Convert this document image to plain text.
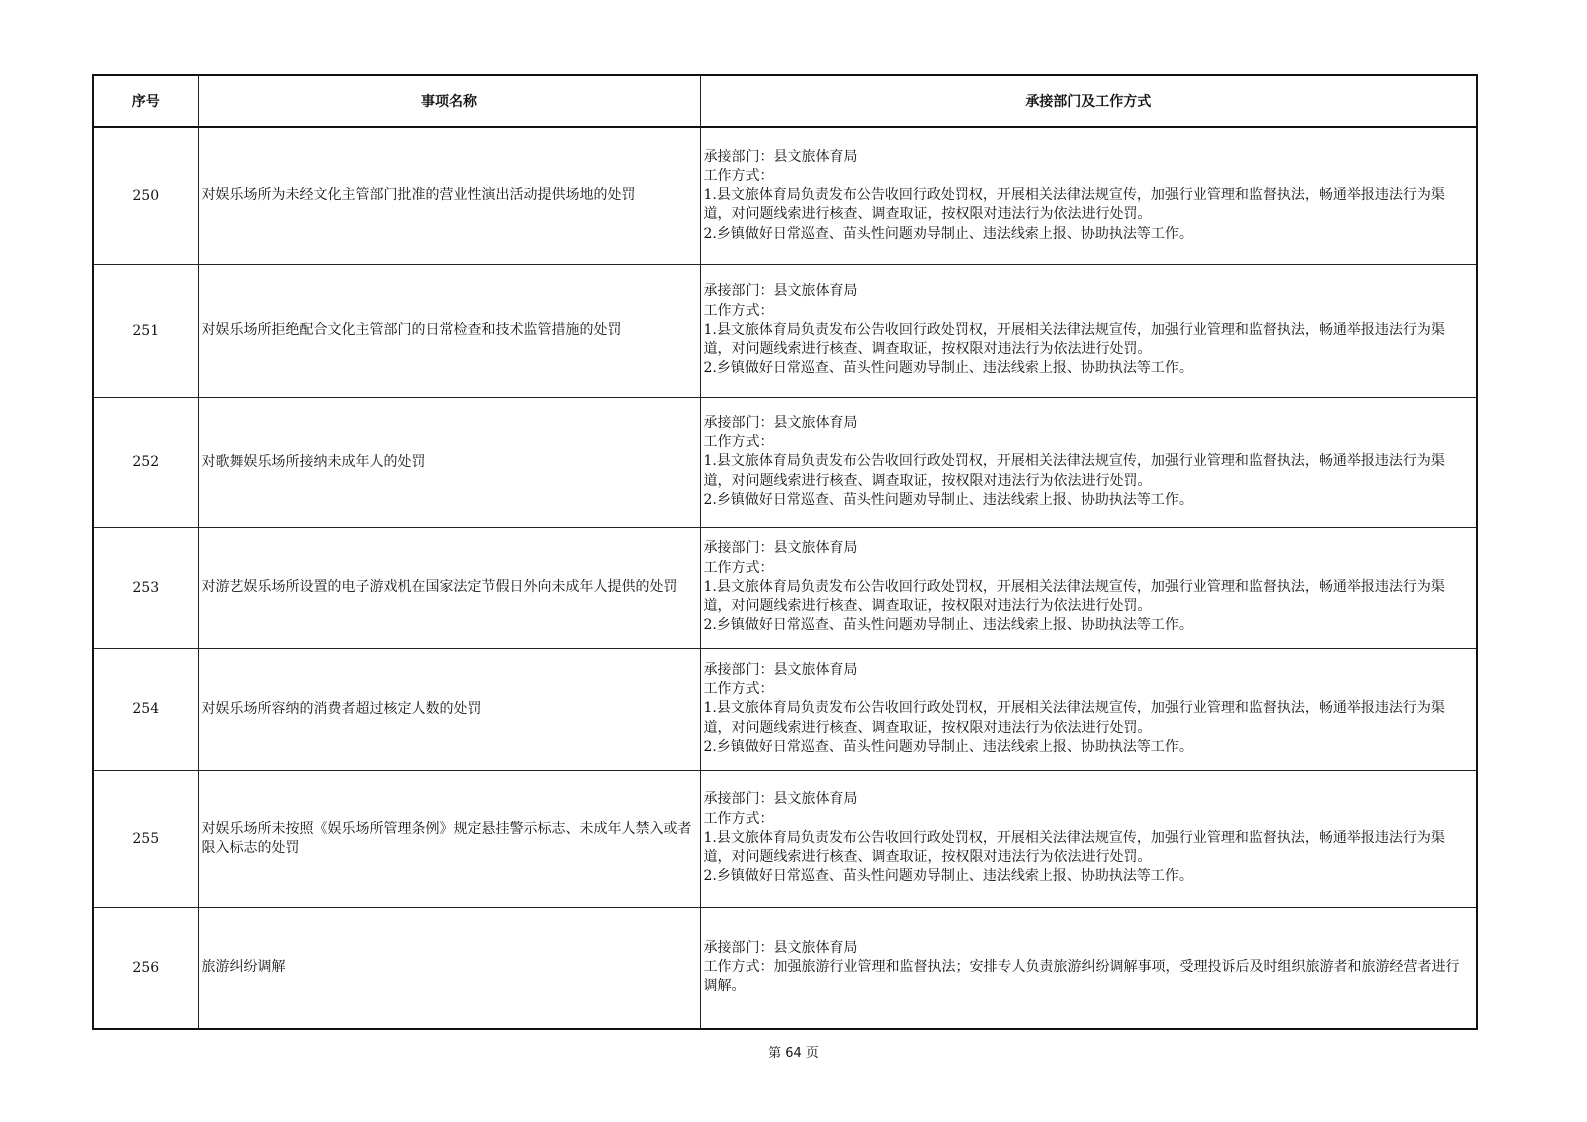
序号	事项名称	承接部门及工作方式
250	对娱乐场所为未经文化主管部门批准的营业性演出活动提供场地的处罚	承接部门：县文旅体育局
工作方式：
1.县文旅体育局负责发布公告收回行政处罚权，开展相关法律法规宣传，加强行业管理和监督执法，畅通举报违法行为渠道，对问题线索进行核查、调查取证，按权限对违法行为依法进行处罚。
2.乡镇做好日常巡查、苗头性问题劝导制止、违法线索上报、协助执法等工作。

251	对娱乐场所拒绝配合文化主管部门的日常检查和技术监管措施的处罚	承接部门：县文旅体育局
工作方式：
1.县文旅体育局负责发布公告收回行政处罚权，开展相关法律法规宣传，加强行业管理和监督执法，畅通举报违法行为渠道，对问题线索进行核查、调查取证，按权限对违法行为依法进行处罚。
2.乡镇做好日常巡查、苗头性问题劝导制止、违法线索上报、协助执法等工作。

252	对歌舞娱乐场所接纳未成年人的处罚	承接部门：县文旅体育局
工作方式：
1.县文旅体育局负责发布公告收回行政处罚权，开展相关法律法规宣传，加强行业管理和监督执法，畅通举报违法行为渠道，对问题线索进行核查、调查取证，按权限对违法行为依法进行处罚。
2.乡镇做好日常巡查、苗头性问题劝导制止、违法线索上报、协助执法等工作。

253	对游艺娱乐场所设置的电子游戏机在国家法定节假日外向未成年人提供的处罚	承接部门：县文旅体育局
工作方式：
1.县文旅体育局负责发布公告收回行政处罚权，开展相关法律法规宣传，加强行业管理和监督执法，畅通举报违法行为渠道，对问题线索进行核查、调查取证，按权限对违法行为依法进行处罚。
2.乡镇做好日常巡查、苗头性问题劝导制止、违法线索上报、协助执法等工作。

254	对娱乐场所容纳的消费者超过核定人数的处罚	承接部门：县文旅体育局
工作方式：
1.县文旅体育局负责发布公告收回行政处罚权，开展相关法律法规宣传，加强行业管理和监督执法，畅通举报违法行为渠道，对问题线索进行核查、调查取证，按权限对违法行为依法进行处罚。
2.乡镇做好日常巡查、苗头性问题劝导制止、违法线索上报、协助执法等工作。

255	对娱乐场所未按照《娱乐场所管理条例》规定悬挂警示标志、未成年人禁入或者限入标志的处罚	承接部门：县文旅体育局
工作方式：
1.县文旅体育局负责发布公告收回行政处罚权，开展相关法律法规宣传，加强行业管理和监督执法，畅通举报违法行为渠道，对问题线索进行核查、调查取证，按权限对违法行为依法进行处罚。
2.乡镇做好日常巡查、苗头性问题劝导制止、违法线索上报、协助执法等工作。

256	旅游纠纷调解	承接部门：县文旅体育局
工作方式：加强旅游行业管理和监督执法；安排专人负责旅游纠纷调解事项，受理投诉后及时组织旅游者和旅游经营者进行调解。
第 64 页
